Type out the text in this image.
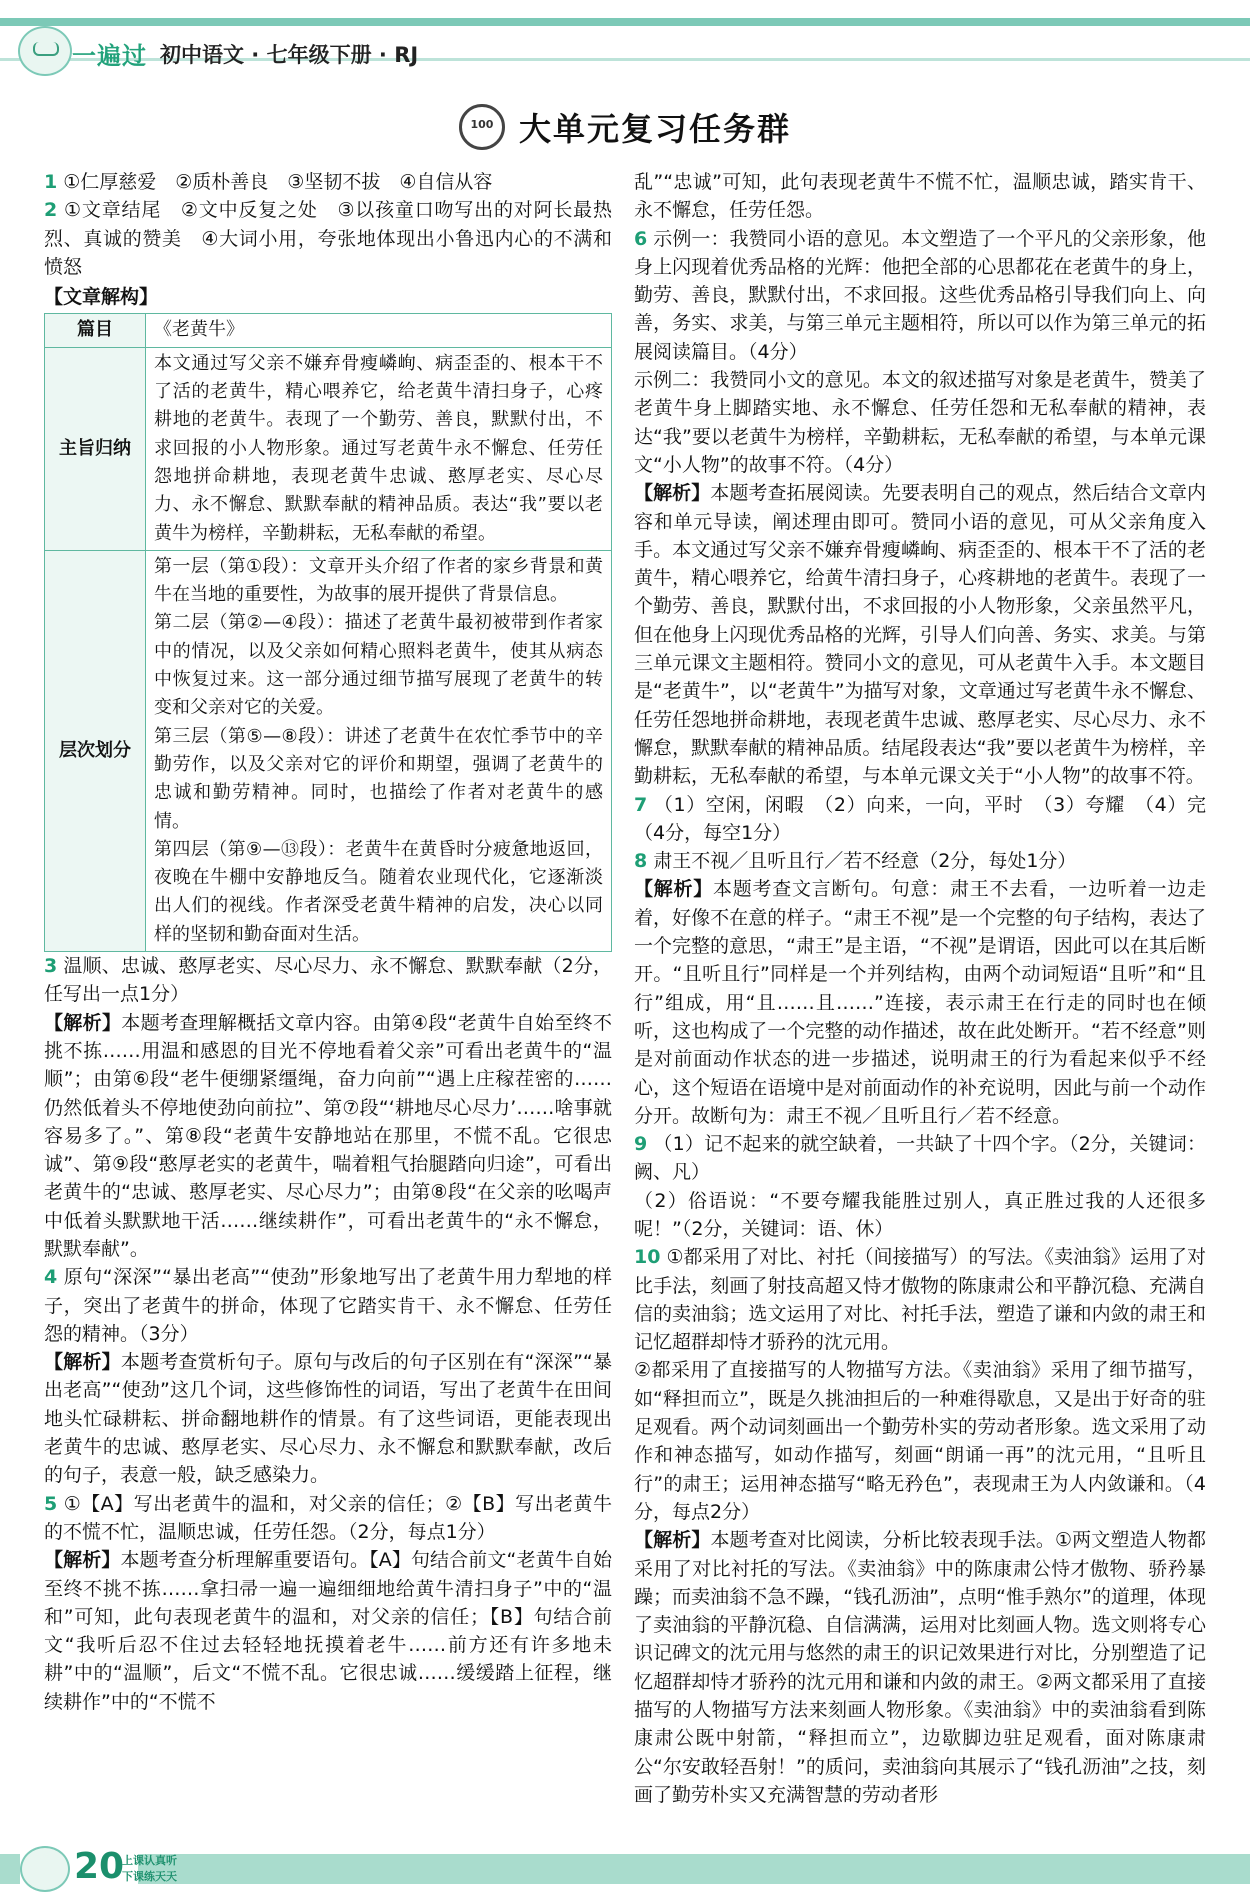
一遍过 初中语文 · 七年级下册 · RJ
100大单元复习任务群
1 ①仁厚慈爱　②质朴善良　③坚韧不拔　④自信从容
2 ①文章结尾　②文中反复之处　③以孩童口吻写出的对阿长最热烈、真诚的赞美　④大词小用，夸张地体现出小鲁迅内心的不满和愤怒
【文章解构】
篇目	《老黄牛》
主旨归纳	本文通过写父亲不嫌弃骨瘦嶙峋、病歪歪的、根本干不了活的老黄牛，精心喂养它，给老黄牛清扫身子，心疼耕地的老黄牛。表现了一个勤劳、善良，默默付出，不求回报的小人物形象。通过写老黄牛永不懈怠、任劳任怨地拼命耕地，表现老黄牛忠诚、憨厚老实、尽心尽力、永不懈怠、默默奉献的精神品质。表达“我”要以老黄牛为榜样，辛勤耕耘，无私奉献的希望。
层次划分	第一层（第①段）：文章开头介绍了作者的家乡背景和黄牛在当地的重要性，为故事的展开提供了背景信息。
第二层（第②—④段）：描述了老黄牛最初被带到作者家中的情况，以及父亲如何精心照料老黄牛，使其从病态中恢复过来。这一部分通过细节描写展现了老黄牛的转变和父亲对它的关爱。
第三层（第⑤—⑧段）：讲述了老黄牛在农忙季节中的辛勤劳作，以及父亲对它的评价和期望，强调了老黄牛的忠诚和勤劳精神。同时，也描绘了作者对老黄牛的感情。
第四层（第⑨—⑬段）：老黄牛在黄昏时分疲惫地返回，夜晚在牛棚中安静地反刍。随着农业现代化，它逐渐淡出人们的视线。作者深受老黄牛精神的启发，决心以同样的坚韧和勤奋面对生活。
3 温顺、忠诚、憨厚老实、尽心尽力、永不懈怠、默默奉献（2分，任写出一点1分）
【解析】本题考查理解概括文章内容。由第④段“老黄牛自始至终不挑不拣……用温和感恩的目光不停地看着父亲”可看出老黄牛的“温顺”；由第⑥段“老牛便绷紧缰绳，奋力向前”“遇上庄稼茬密的……仍然低着头不停地使劲向前拉”、第⑦段“‘耕地尽心尽力’……啥事就容易多了。”、第⑧段“老黄牛安静地站在那里，不慌不乱。它很忠诚”、第⑨段“憨厚老实的老黄牛，喘着粗气抬腿踏向归途”，可看出老黄牛的“忠诚、憨厚老实、尽心尽力”；由第⑧段“在父亲的吆喝声中低着头默默地干活……继续耕作”，可看出老黄牛的“永不懈怠，默默奉献”。
4 原句“深深”“暴出老高”“使劲”形象地写出了老黄牛用力犁地的样子，突出了老黄牛的拼命，体现了它踏实肯干、永不懈怠、任劳任怨的精神。（3分）
【解析】本题考查赏析句子。原句与改后的句子区别在有“深深”“暴出老高”“使劲”这几个词，这些修饰性的词语，写出了老黄牛在田间地头忙碌耕耘、拼命翻地耕作的情景。有了这些词语，更能表现出老黄牛的忠诚、憨厚老实、尽心尽力、永不懈怠和默默奉献，改后的句子，表意一般，缺乏感染力。
5 ①【A】写出老黄牛的温和，对父亲的信任；②【B】写出老黄牛的不慌不忙，温顺忠诚，任劳任怨。（2分，每点1分）
【解析】本题考查分析理解重要语句。【A】句结合前文“老黄牛自始至终不挑不拣……拿扫帚一遍一遍细细地给黄牛清扫身子”中的“温和”可知，此句表现老黄牛的温和，对父亲的信任；【B】句结合前文“我听后忍不住过去轻轻地抚摸着老牛……前方还有许多地未耕”中的“温顺”，后文“不慌不乱。它很忠诚……缓缓踏上征程，继续耕作”中的“不慌不
乱”“忠诚”可知，此句表现老黄牛不慌不忙，温顺忠诚，踏实肯干、永不懈怠，任劳任怨。
6 示例一：我赞同小语的意见。本文塑造了一个平凡的父亲形象，他身上闪现着优秀品格的光辉：他把全部的心思都花在老黄牛的身上，勤劳、善良，默默付出，不求回报。这些优秀品格引导我们向上、向善，务实、求美，与第三单元主题相符，所以可以作为第三单元的拓展阅读篇目。（4分）
示例二：我赞同小文的意见。本文的叙述描写对象是老黄牛，赞美了老黄牛身上脚踏实地、永不懈怠、任劳任怨和无私奉献的精神，表达“我”要以老黄牛为榜样，辛勤耕耘，无私奉献的希望，与本单元课文“小人物”的故事不符。（4分）
【解析】本题考查拓展阅读。先要表明自己的观点，然后结合文章内容和单元导读，阐述理由即可。赞同小语的意见，可从父亲角度入手。本文通过写父亲不嫌弃骨瘦嶙峋、病歪歪的、根本干不了活的老黄牛，精心喂养它，给黄牛清扫身子，心疼耕地的老黄牛。表现了一个勤劳、善良，默默付出，不求回报的小人物形象，父亲虽然平凡，但在他身上闪现优秀品格的光辉，引导人们向善、务实、求美。与第三单元课文主题相符。赞同小文的意见，可从老黄牛入手。本文题目是“老黄牛”，以“老黄牛”为描写对象，文章通过写老黄牛永不懈怠、任劳任怨地拼命耕地，表现老黄牛忠诚、憨厚老实、尽心尽力、永不懈怠，默默奉献的精神品质。结尾段表达“我”要以老黄牛为榜样，辛勤耕耘，无私奉献的希望，与本单元课文关于“小人物”的故事不符。
7 （1）空闲，闲暇　（2）向来，一向，平时　（3）夸耀　（4）完（4分，每空1分）
8 肃王不视／且听且行／若不经意（2分，每处1分）
【解析】本题考查文言断句。句意：肃王不去看，一边听着一边走着，好像不在意的样子。“肃王不视”是一个完整的句子结构，表达了一个完整的意思，“肃王”是主语，“不视”是谓语，因此可以在其后断开。“且听且行”同样是一个并列结构，由两个动词短语“且听”和“且行”组成，用“且……且……”连接，表示肃王在行走的同时也在倾听，这也构成了一个完整的动作描述，故在此处断开。“若不经意”则是对前面动作状态的进一步描述，说明肃王的行为看起来似乎不经心，这个短语在语境中是对前面动作的补充说明，因此与前一个动作分开。故断句为：肃王不视／且听且行／若不经意。
9 （1）记不起来的就空缺着，一共缺了十四个字。（2分，关键词：阙、凡）
（2）俗语说：“不要夸耀我能胜过别人，真正胜过我的人还很多呢！”（2分，关键词：语、休）
10 ①都采用了对比、衬托（间接描写）的写法。《卖油翁》运用了对比手法，刻画了射技高超又恃才傲物的陈康肃公和平静沉稳、充满自信的卖油翁；选文运用了对比、衬托手法，塑造了谦和内敛的肃王和记忆超群却恃才骄矜的沈元用。
②都采用了直接描写的人物描写方法。《卖油翁》采用了细节描写，如“释担而立”，既是久挑油担后的一种难得歇息，又是出于好奇的驻足观看。两个动词刻画出一个勤劳朴实的劳动者形象。选文采用了动作和神态描写，如动作描写，刻画“朗诵一再”的沈元用，“且听且行”的肃王；运用神态描写“略无矜色”，表现肃王为人内敛谦和。（4分，每点2分）
【解析】本题考查对比阅读，分析比较表现手法。①两文塑造人物都采用了对比衬托的写法。《卖油翁》中的陈康肃公恃才傲物、骄矜暴躁；而卖油翁不急不躁，“钱孔沥油”，点明“惟手熟尔”的道理，体现了卖油翁的平静沉稳、自信满满，运用对比刻画人物。选文则将专心识记碑文的沈元用与悠然的肃王的识记效果进行对比，分别塑造了记忆超群却恃才骄矜的沈元用和谦和内敛的肃王。②两文都采用了直接描写的人物描写方法来刻画人物形象。《卖油翁》中的卖油翁看到陈康肃公既中射箭，“释担而立”，边歇脚边驻足观看，面对陈康肃公“尔安敢轻吾射！”的质问，卖油翁向其展示了“钱孔沥油”之技，刻画了勤劳朴实又充满智慧的劳动者形
20
上课认真听
下课练天天
